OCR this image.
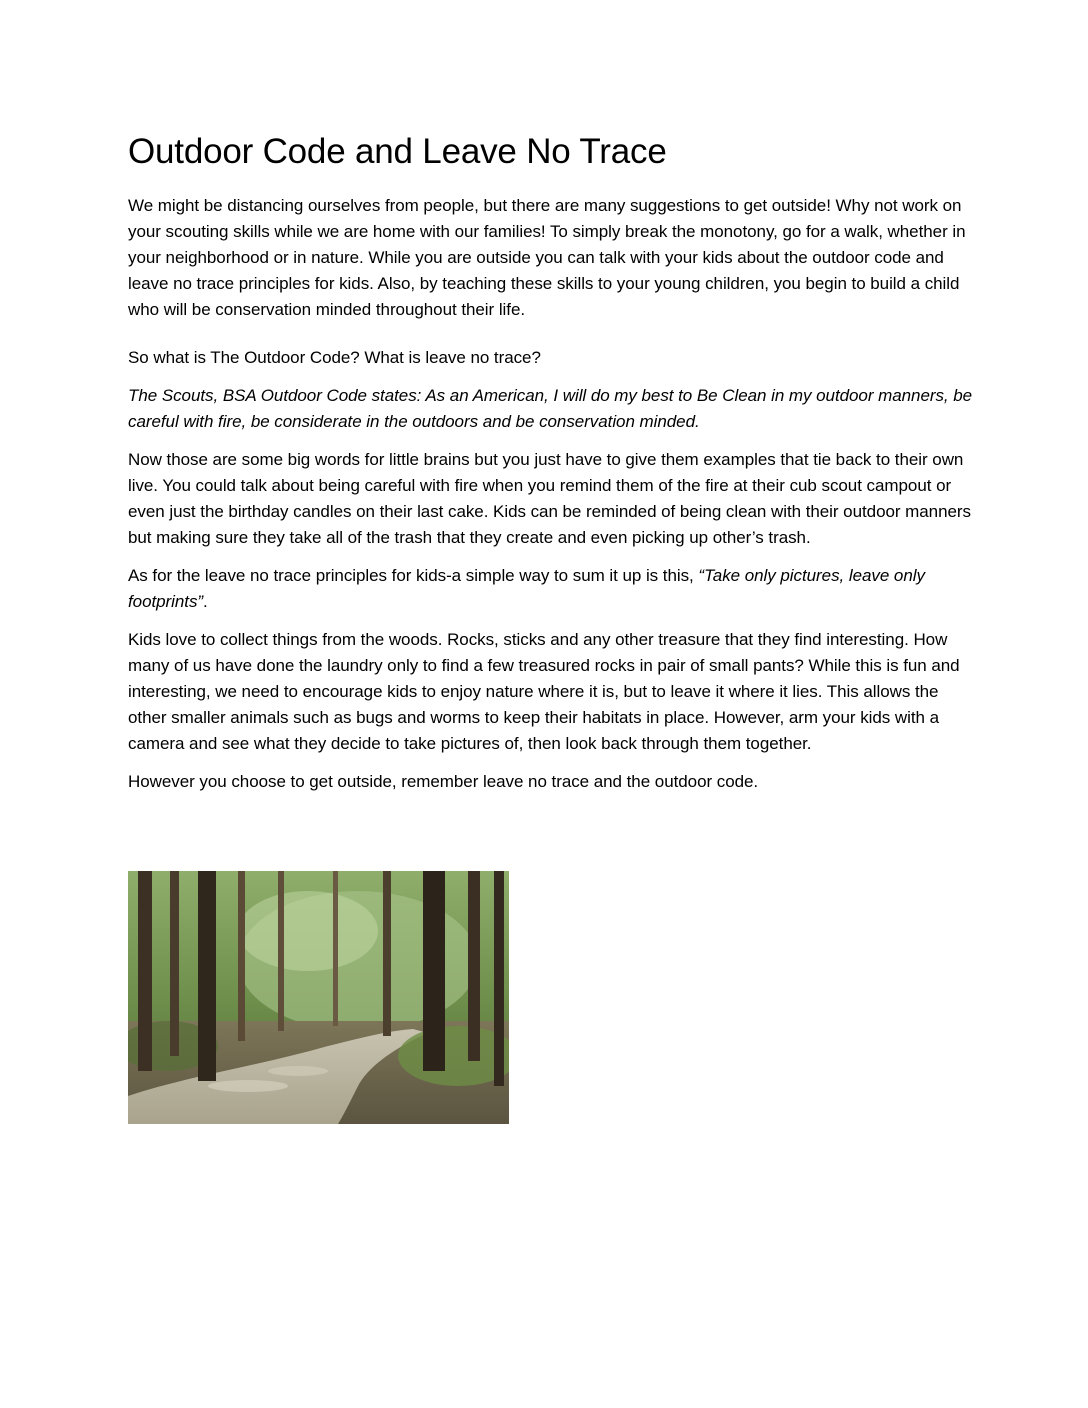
Outdoor Code and Leave No Trace

We might be distancing ourselves from people, but there are many suggestions to get outside! Why not work on your scouting skills while we are home with our families! To simply break the monotony, go for a walk, whether in your neighborhood or in nature. While you are outside you can talk with your kids about the outdoor code and leave no trace principles for kids. Also, by teaching these skills to your young children, you begin to build a child who will be conservation minded throughout their life.

So what is The Outdoor Code? What is leave no trace?

The Scouts, BSA Outdoor Code states: As an American, I will do my best to Be Clean in my outdoor manners, be careful with fire, be considerate in the outdoors and be conservation minded.

Now those are some big words for little brains but you just have to give them examples that tie back to their own live. You could talk about being careful with fire when you remind them of the fire at their cub scout campout or even just the birthday candles on their last cake. Kids can be reminded of being clean with their outdoor manners but making sure they take all of the trash that they create and even picking up other’s trash.

As for the leave no trace principles for kids-a simple way to sum it up is this, “Take only pictures, leave only footprints”.

Kids love to collect things from the woods. Rocks, sticks and any other treasure that they find interesting. How many of us have done the laundry only to find a few treasured rocks in pair of small pants? While this is fun and interesting, we need to encourage kids to enjoy nature where it is, but to leave it where it lies. This allows the other smaller animals such as bugs and worms to keep their habitats in place. However, arm your kids with a camera and see what they decide to take pictures of, then look back through them together.

However you choose to get outside, remember leave no trace and the outdoor code.
